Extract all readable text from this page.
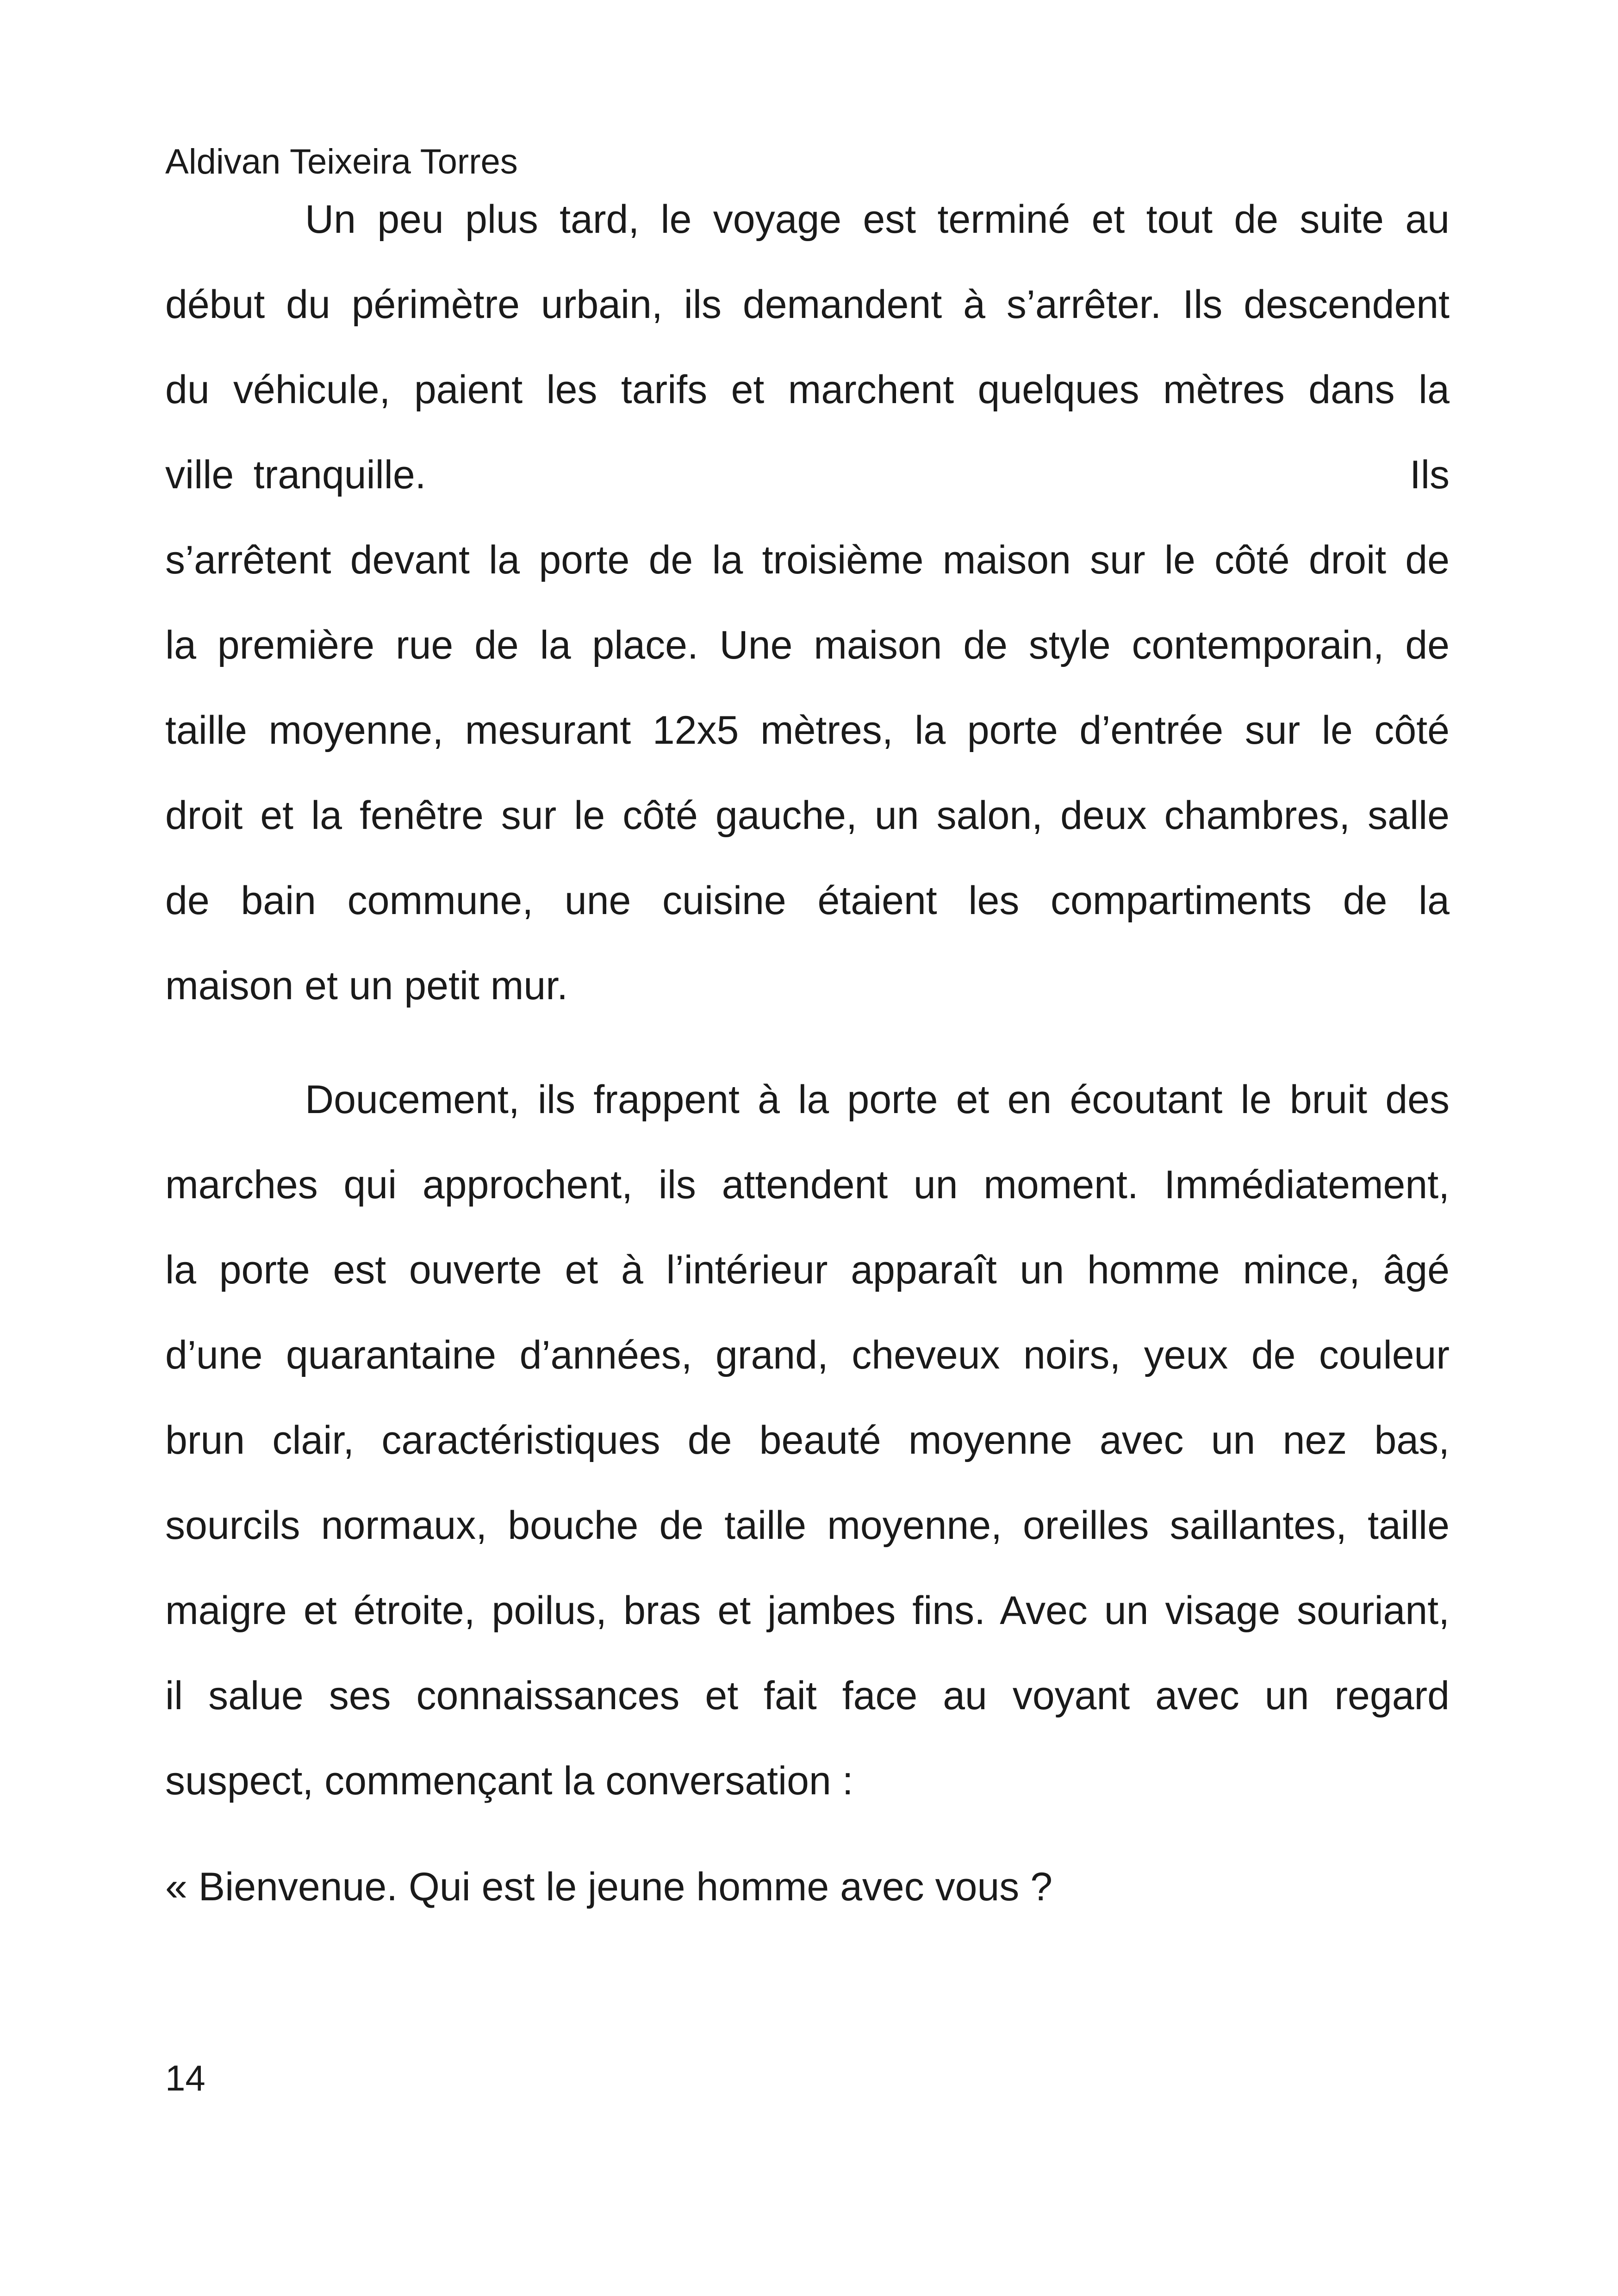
Aldivan Teixeira Torres
Un peu plus tard, le voyage est terminé et tout de suite au
début du périmètre urbain, ils demandent à s’arrêter. Ils descendent
du véhicule, paient les tarifs et marchent quelques mètres dans la
ville tranquille.                                                  Ils
s’arrêtent devant la porte de la troisième maison sur le côté droit de
la première rue de la place. Une maison de style contemporain, de
taille moyenne, mesurant 12x5 mètres, la porte d’entrée sur le côté
droit et la fenêtre sur le côté gauche, un salon, deux chambres, salle
de bain commune, une cuisine étaient les compartiments de la
maison et un petit mur.
Doucement, ils frappent à la porte et en écoutant le bruit des
marches qui approchent, ils attendent un moment. Immédiatement,
la porte est ouverte et à l’intérieur apparaît un homme mince, âgé
d’une quarantaine d’années, grand, cheveux noirs, yeux de couleur
brun clair, caractéristiques de beauté moyenne avec un nez bas,
sourcils normaux, bouche de taille moyenne, oreilles saillantes, taille
maigre et étroite, poilus, bras et jambes fins. Avec un visage souriant,
il salue ses connaissances et fait face au voyant avec un regard
suspect, commençant la conversation :
« Bienvenue. Qui est le jeune homme avec vous ?
14
